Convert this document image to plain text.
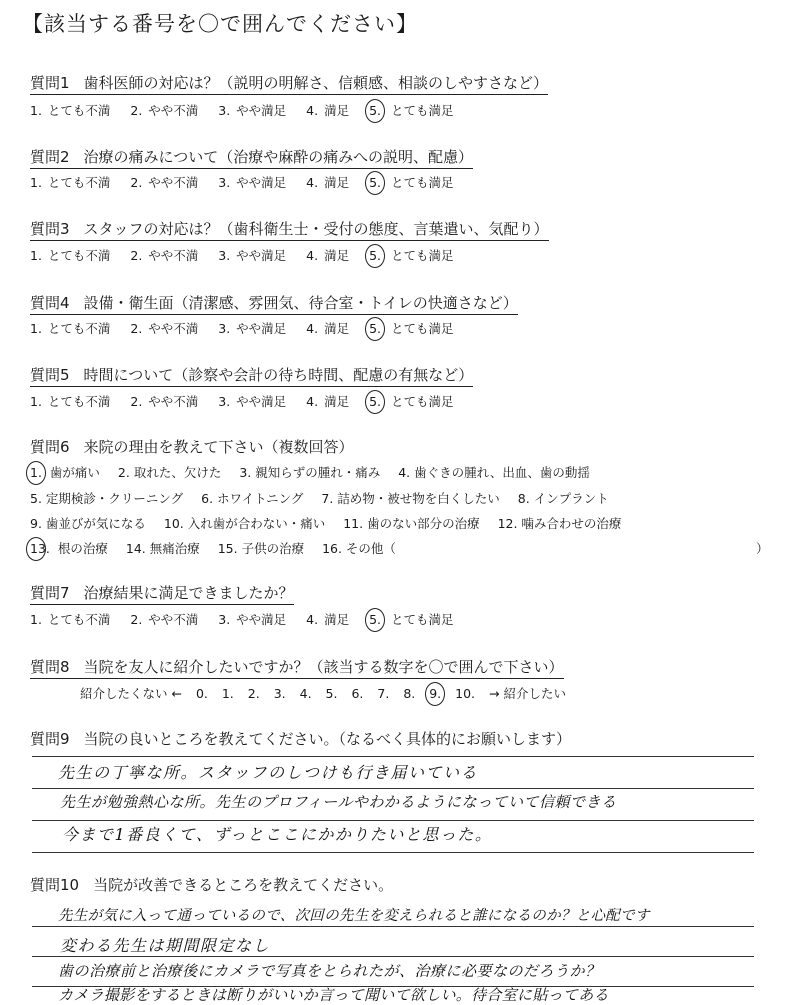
【該当する番号を〇で囲んでください】
質問1 歯科医師の対応は？（説明の明解さ、信頼感、相談のしやすさなど）
1. とても不満 2. やや不満 3. やや満足 4. 満足 5. とても満足
質問2 治療の痛みについて（治療や麻酔の痛みへの説明、配慮）
1. とても不満 2. やや不満 3. やや満足 4. 満足 5. とても満足
質問3 スタッフの対応は？（歯科衛生士・受付の態度、言葉遣い、気配り）
1. とても不満 2. やや不満 3. やや満足 4. 満足 5. とても満足
質問4 設備・衛生面（清潔感、雰囲気、待合室・トイレの快適さなど）
1. とても不満 2. やや不満 3. やや満足 4. 満足 5. とても満足
質問5 時間について（診察や会計の待ち時間、配慮の有無など）
1. とても不満 2. やや不満 3. やや満足 4. 満足 5. とても満足
質問6 来院の理由を教えて下さい（複数回答）
1. 歯が痛い 2. 取れた、欠けた 3. 親知らずの腫れ・痛み 4. 歯ぐきの腫れ、出血、歯の動揺
5. 定期検診・クリーニング 6. ホワイトニング 7. 詰め物・被せ物を白くしたい 8. インプラント
9. 歯並びが気になる 10. 入れ歯が合わない・痛い 11. 歯のない部分の治療 12. 噛み合わせの治療
13. 根の治療 14. 無痛治療 15. 子供の治療 16. その他（	）
質問7 治療結果に満足できましたか？
1. とても不満 2. やや不満 3. やや満足 4. 満足 5. とても満足
質問8 当院を友人に紹介したいですか？（該当する数字を〇で囲んで下さい）
紹介したくない ← 0. 1. 2. 3. 4. 5. 6. 7. 8. 9. 10. → 紹介したい
質問9 当院の良いところを教えてください。（なるべく具体的にお願いします）
先生の丁寧な所。スタッフのしつけも行き届いている
先生が勉強熱心な所。先生のプロフィールやわかるようになっていて信頼できる
今まで1番良くて、ずっとここにかかりたいと思った。
質問10 当院が改善できるところを教えてください。
先生が気に入って通っているので、次回の先生を変えられると誰になるのか？と心配です
変わる先生は期間限定なし
歯の治療前と治療後にカメラで写真をとられたが、治療に必要なのだろうか？
カメラ撮影をするときは断りがいいか言って聞いて欲しい。待合室に貼ってある
